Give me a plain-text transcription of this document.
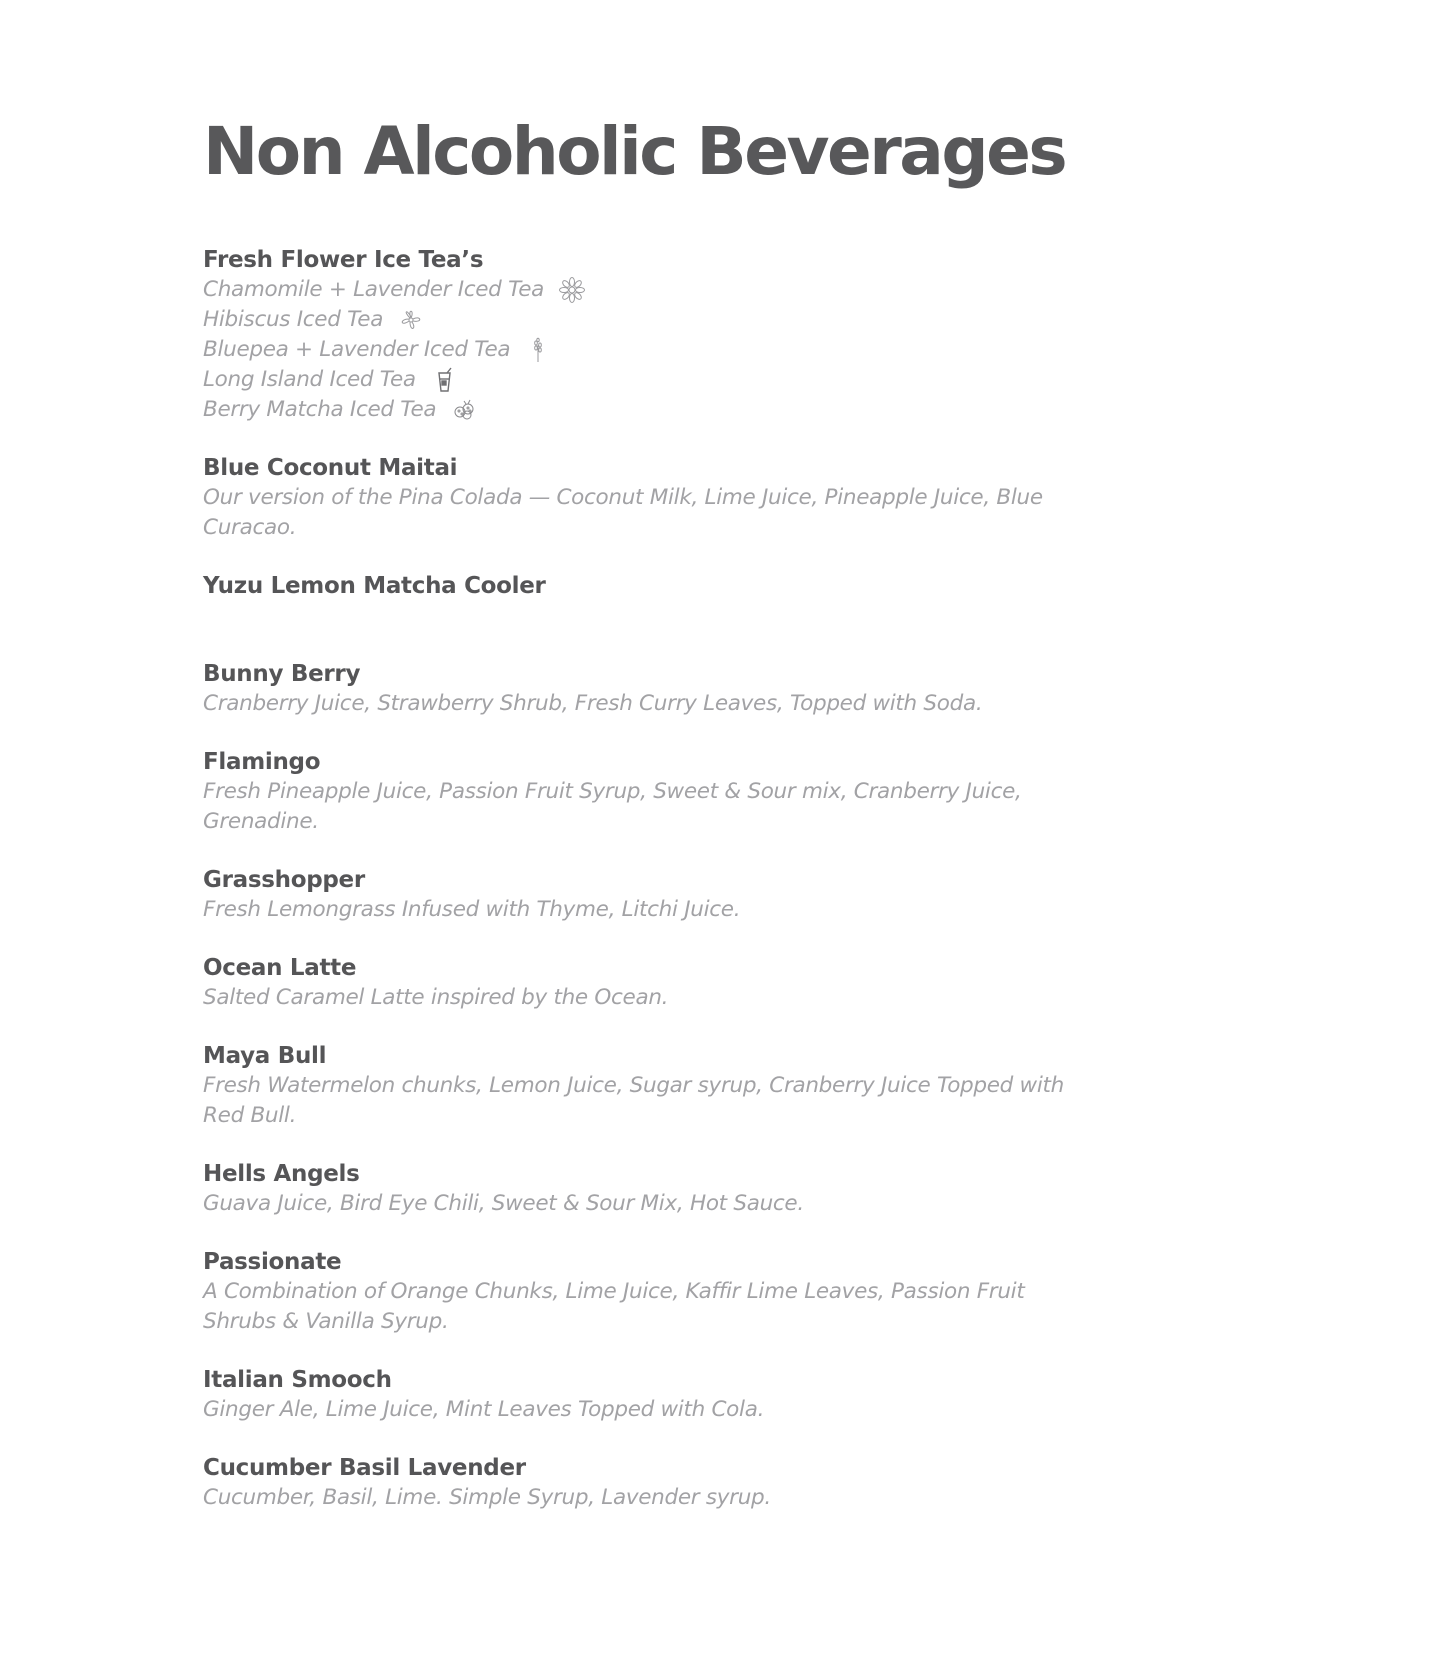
Non Alcoholic Beverages

Fresh Flower Ice Tea’s

Chamomile + Lavender Iced Tea
Hibiscus Iced Tea
Bluepea + Lavender Iced Tea
Long Island Iced Tea
Berry Matcha Iced Tea

Blue Coconut Maitai

Our version of the Pina Colada — Coconut Milk, Lime Juice, Pineapple Juice, Blue Curacao.

Yuzu Lemon Matcha Cooler

Bunny Berry

Cranberry Juice, Strawberry Shrub, Fresh Curry Leaves, Topped with Soda.

Flamingo

Fresh Pineapple Juice, Passion Fruit Syrup, Sweet & Sour mix, Cranberry Juice, Grenadine.

Grasshopper

Fresh Lemongrass Infused with Thyme, Litchi Juice.

Ocean Latte

Salted Caramel Latte inspired by the Ocean.

Maya Bull

Fresh Watermelon chunks, Lemon Juice, Sugar syrup, Cranberry Juice Topped with Red Bull.

Hells Angels

Guava Juice, Bird Eye Chili, Sweet & Sour Mix, Hot Sauce.

Passionate

A Combination of Orange Chunks, Lime Juice, Kaffir Lime Leaves, Passion Fruit Shrubs & Vanilla Syrup.

Italian Smooch

Ginger Ale, Lime Juice, Mint Leaves Topped with Cola.

Cucumber Basil Lavender

Cucumber, Basil, Lime. Simple Syrup, Lavender syrup.
